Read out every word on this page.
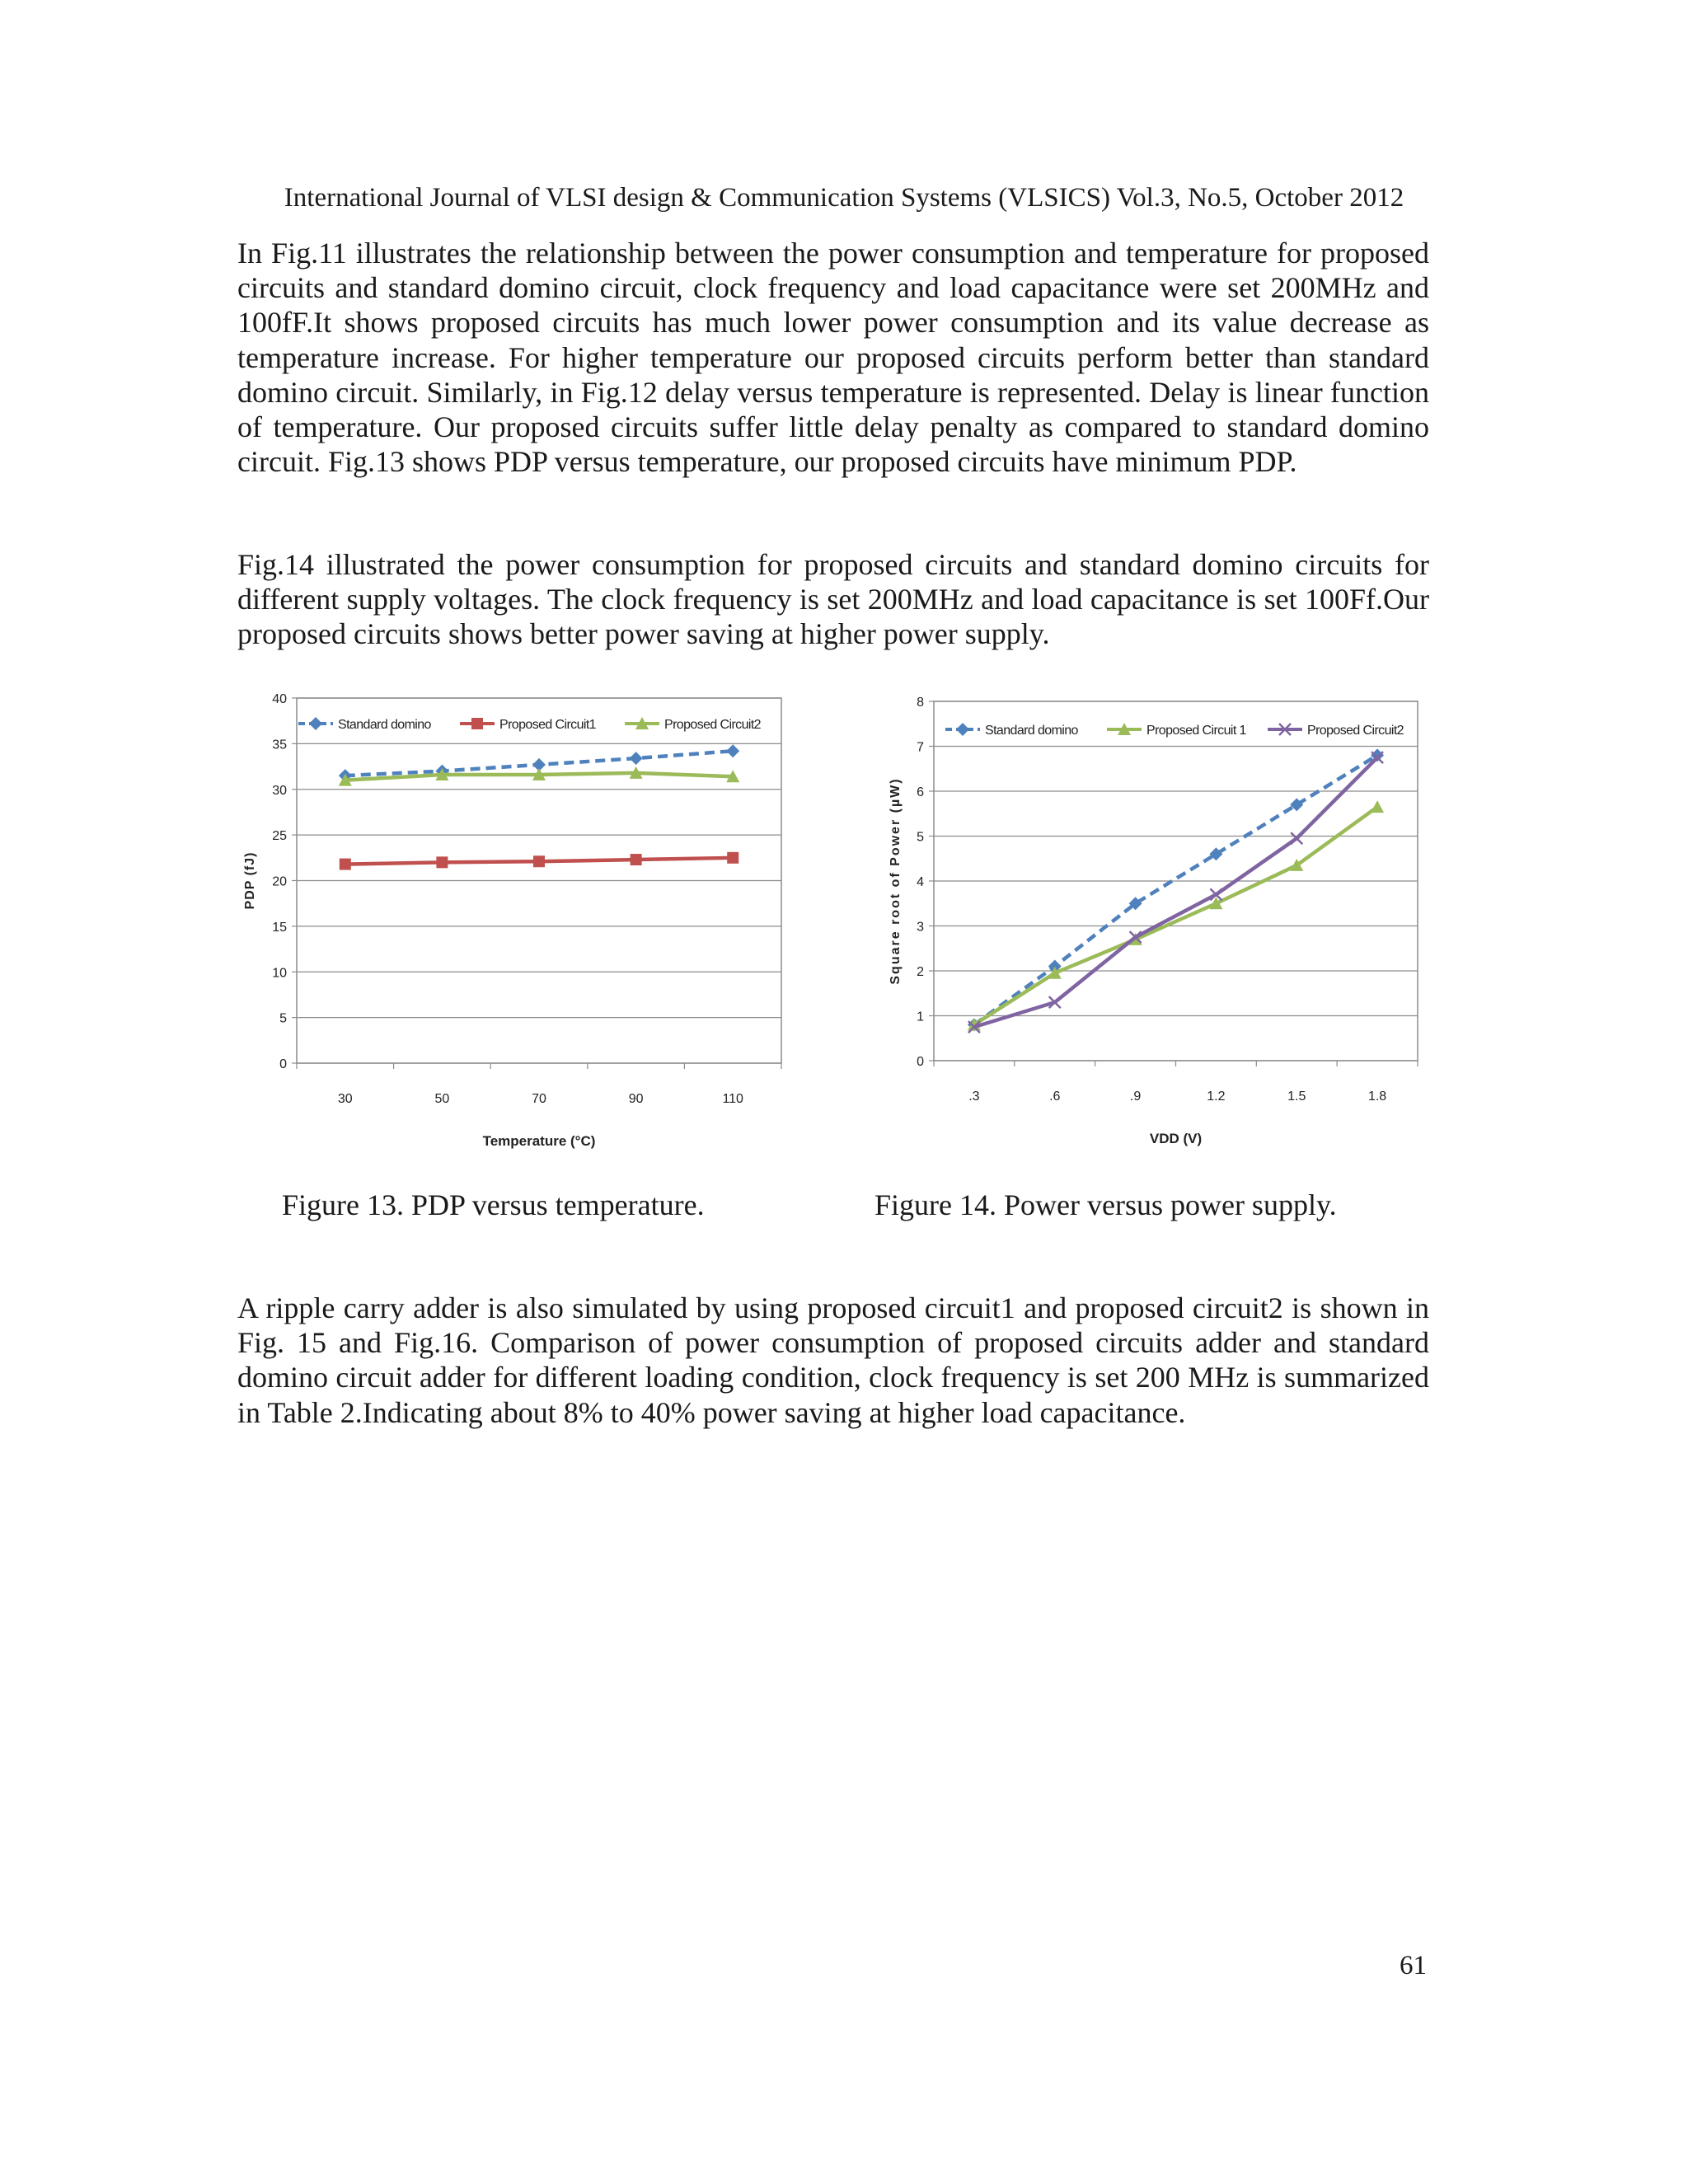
International Journal of VLSI design & Communication Systems (VLSICS) Vol.3, No.5, October 2012

In Fig.11 illustrates the relationship between the power consumption and temperature for proposed circuits and standard domino circuit, clock frequency and load capacitance were set 200MHz and 100fF.It shows proposed circuits has much lower power consumption and its value decrease as temperature increase. For higher temperature our proposed circuits perform better than standard domino circuit. Similarly, in Fig.12 delay versus temperature is represented. Delay is linear function of temperature. Our proposed circuits suffer little delay penalty as compared to standard domino circuit. Fig.13 shows PDP versus temperature, our proposed circuits have minimum PDP.

Fig.14 illustrated the power consumption for proposed circuits and standard domino circuits for different supply voltages. The clock frequency is set 200MHz and load capacitance is set 100Ff.Our proposed circuits shows better power saving at higher power supply.

0
5
10
15
20
25
30
35
40
30	50	70	90	110
Temperature (°C)
PDP (fJ)
Standard domino	Proposed Circuit1	Proposed Circuit2
0
1
2
3
4
5
6
7
8
.3	.6	.9	1.2	1.5	1.8
VDD (V)
Square root of Power (µW)
Standard domino	Proposed Circuit 1	Proposed Circuit2
Figure 13. PDP versus temperature.	Figure 14. Power versus power supply.

A ripple carry adder is also simulated by using proposed circuit1 and proposed circuit2 is shown in Fig. 15 and Fig.16. Comparison of power consumption of proposed circuits adder and standard domino circuit adder for different loading condition, clock frequency is set 200 MHz is summarized in Table 2.Indicating about 8% to 40% power saving at higher load capacitance.

61
